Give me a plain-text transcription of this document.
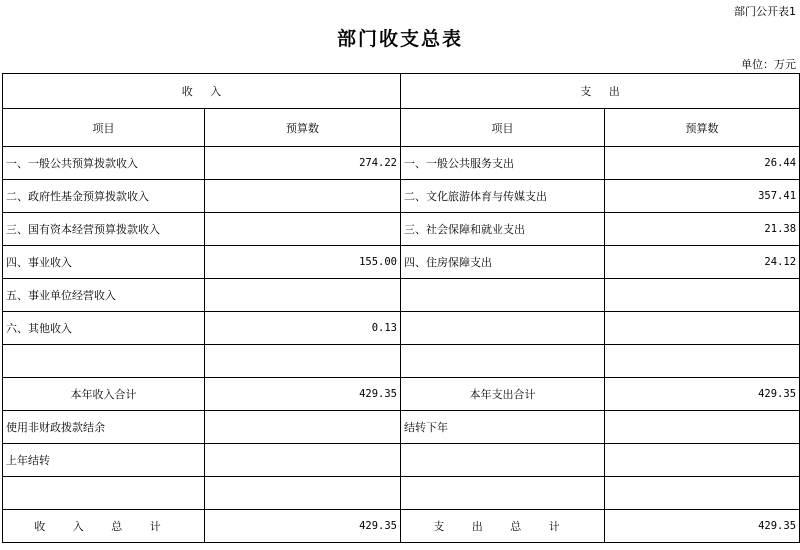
部门公开表1
部门收支总表
单位：万元
收     入		支     出	
项目	预算数	项目	预算数
一、一般公共预算拨款收入	274.22	一、一般公共服务支出	26.44
二、政府性基金预算拨款收入		二、文化旅游体育与传媒支出	357.41
三、国有资本经营预算拨款收入		三、社会保障和就业支出	21.38
四、事业收入	155.00	四、住房保障支出	24.12
五、事业单位经营收入			
六、其他收入	0.13		

本年收入合计	429.35	本年支出合计	429.35
使用非财政拨款结余		结转下年	
上年结转			

收 入 总 计	429.35	支 出 总 计	429.35
